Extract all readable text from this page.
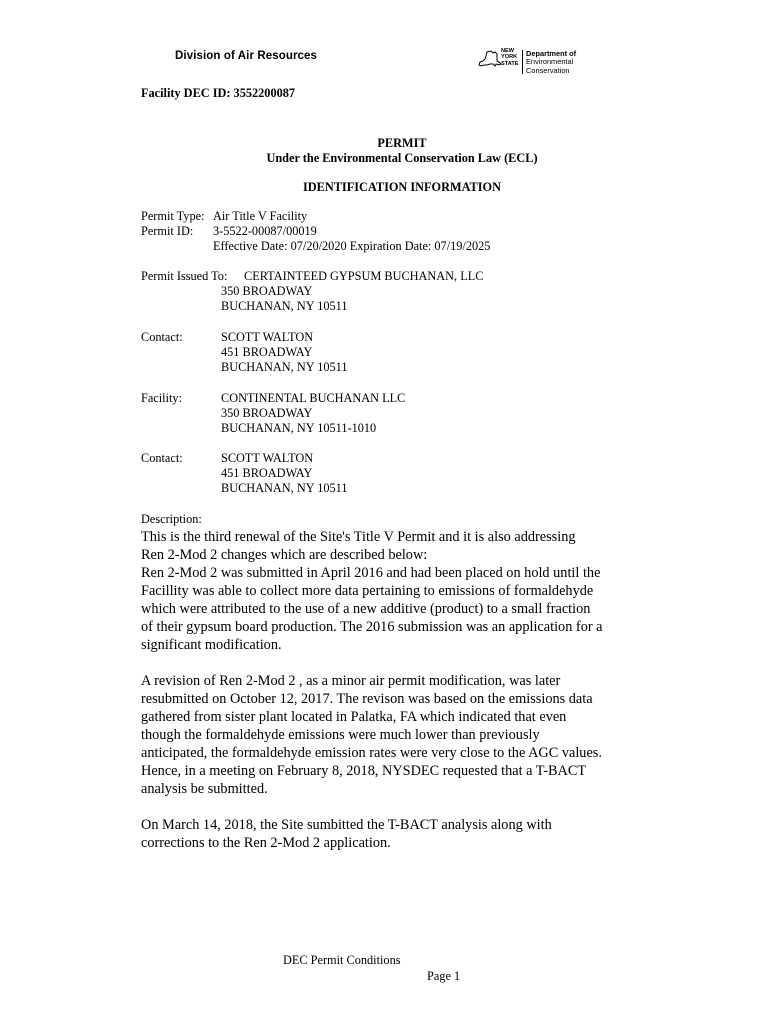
Division of Air Resources	NEW
YORK
STATE
Department of
Environmental
Conservation
Facility DEC ID: 3552200087
PERMIT
Under the Environmental Conservation Law (ECL)
IDENTIFICATION INFORMATION
Permit Type: Air Title V Facility
Permit ID: 3-5522-00087/00019
Effective Date: 07/20/2020 Expiration Date: 07/19/2025
Permit Issued To: CERTAINTEED GYPSUM BUCHANAN, LLC
350 BROADWAY
BUCHANAN, NY 10511
Contact:	SCOTT WALTON
451 BROADWAY
BUCHANAN, NY 10511
Facility:	CONTINENTAL BUCHANAN LLC
350 BROADWAY
BUCHANAN, NY 10511-1010
Contact:	SCOTT WALTON
451 BROADWAY
BUCHANAN, NY 10511
Description:
This is the third renewal of the Site's Title V Permit and it is also addressing
Ren 2-Mod 2 changes which are described below:
Ren 2-Mod 2 was submitted in April 2016 and had been placed on hold until the
Facillity was able to collect more data pertaining to emissions of formaldehyde
which were attributed to the use of a new additive (product) to a small fraction
of their gypsum board production. The 2016 submission was an application for a
significant modification.
A revision of Ren 2-Mod 2 , as a minor air permit modification, was later
resubmitted on October 12, 2017. The revison was based on the emissions data
gathered from sister plant located in Palatka, FA which indicated that even
though the formaldehyde emissions were much lower than previously
anticipated, the formaldehyde emission rates were very close to the AGC values.
Hence, in a meeting on February 8, 2018, NYSDEC requested that a T-BACT
analysis be submitted.
On March 14, 2018, the Site sumbitted the T-BACT analysis along with
corrections to the Ren 2-Mod 2 application.
DEC Permit Conditions
Page 1
